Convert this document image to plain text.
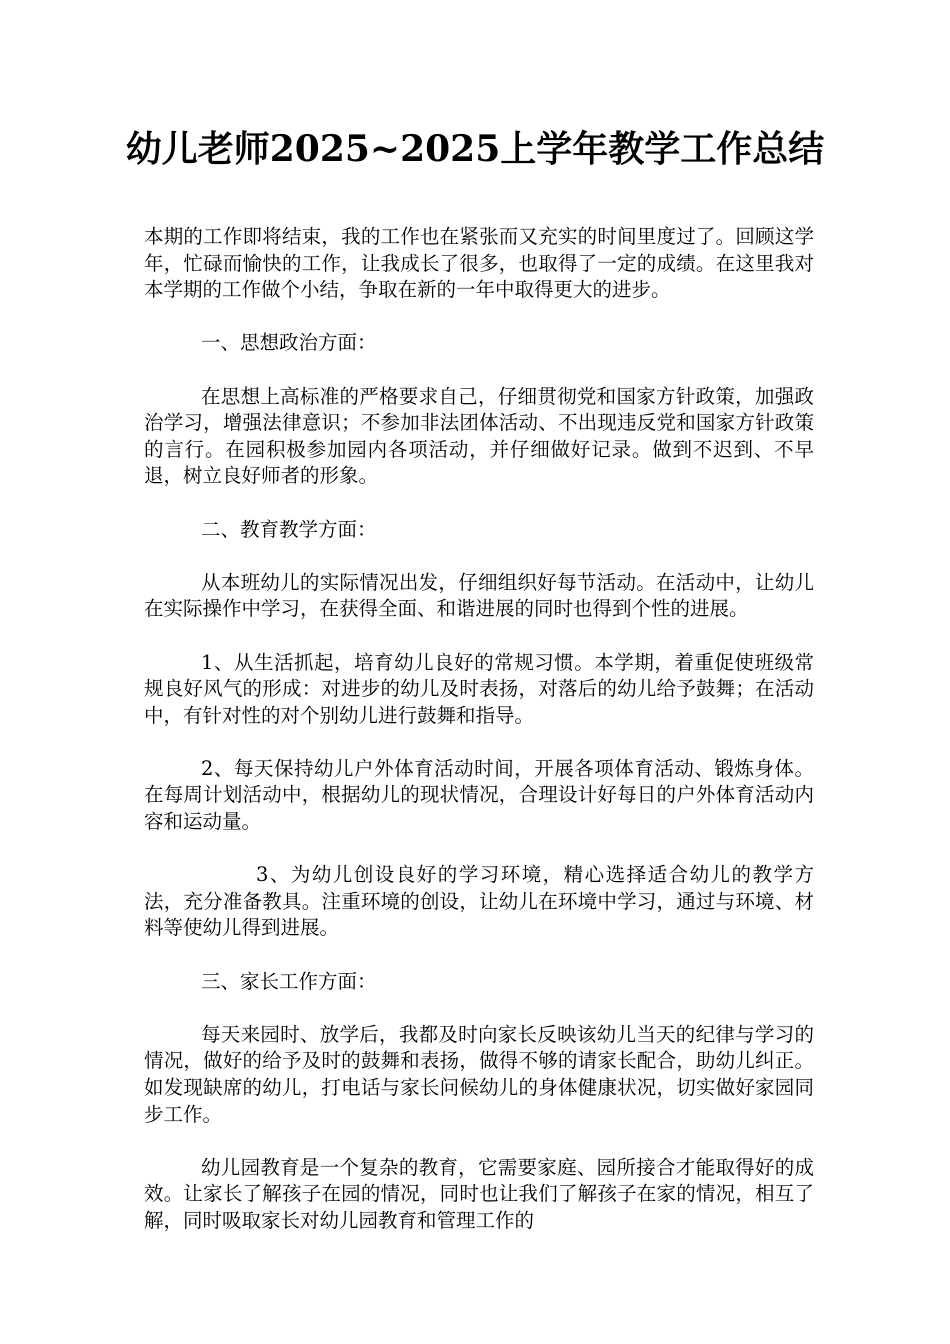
幼儿老师2025~2025上学年教学工作总结

本期的工作即将结束，我的工作也在紧张而又充实的时间里度过了。回顾这学年，忙碌而愉快的工作，让我成长了很多，也取得了一定的成绩。在这里我对本学期的工作做个小结，争取在新的一年中取得更大的进步。

一、思想政治方面：

在思想上高标准的严格要求自己，仔细贯彻党和国家方针政策，加强政治学习，增强法律意识；不参加非法团体活动、不出现违反党和国家方针政策的言行。在园积极参加园内各项活动，并仔细做好记录。做到不迟到、不早退，树立良好师者的形象。

二、教育教学方面：

从本班幼儿的实际情况出发，仔细组织好每节活动。在活动中，让幼儿在实际操作中学习，在获得全面、和谐进展的同时也得到个性的进展。

1、从生活抓起，培育幼儿良好的常规习惯。本学期，着重促使班级常规良好风气的形成：对进步的幼儿及时表扬，对落后的幼儿给予鼓舞；在活动中，有针对性的对个别幼儿进行鼓舞和指导。

2、每天保持幼儿户外体育活动时间，开展各项体育活动、锻炼身体。在每周计划活动中，根据幼儿的现状情况，合理设计好每日的户外体育活动内容和运动量。

3、为幼儿创设良好的学习环境，精心选择适合幼儿的教学方法，充分准备教具。注重环境的创设，让幼儿在环境中学习，通过与环境、材料等使幼儿得到进展。

三、家长工作方面：

每天来园时、放学后，我都及时向家长反映该幼儿当天的纪律与学习的情况，做好的给予及时的鼓舞和表扬，做得不够的请家长配合，助幼儿纠正。如发现缺席的幼儿，打电话与家长问候幼儿的身体健康状况，切实做好家园同步工作。

幼儿园教育是一个复杂的教育，它需要家庭、园所接合才能取得好的成效。让家长了解孩子在园的情况，同时也让我们了解孩子在家的情况，相互了解，同时吸取家长对幼儿园教育和管理工作的
